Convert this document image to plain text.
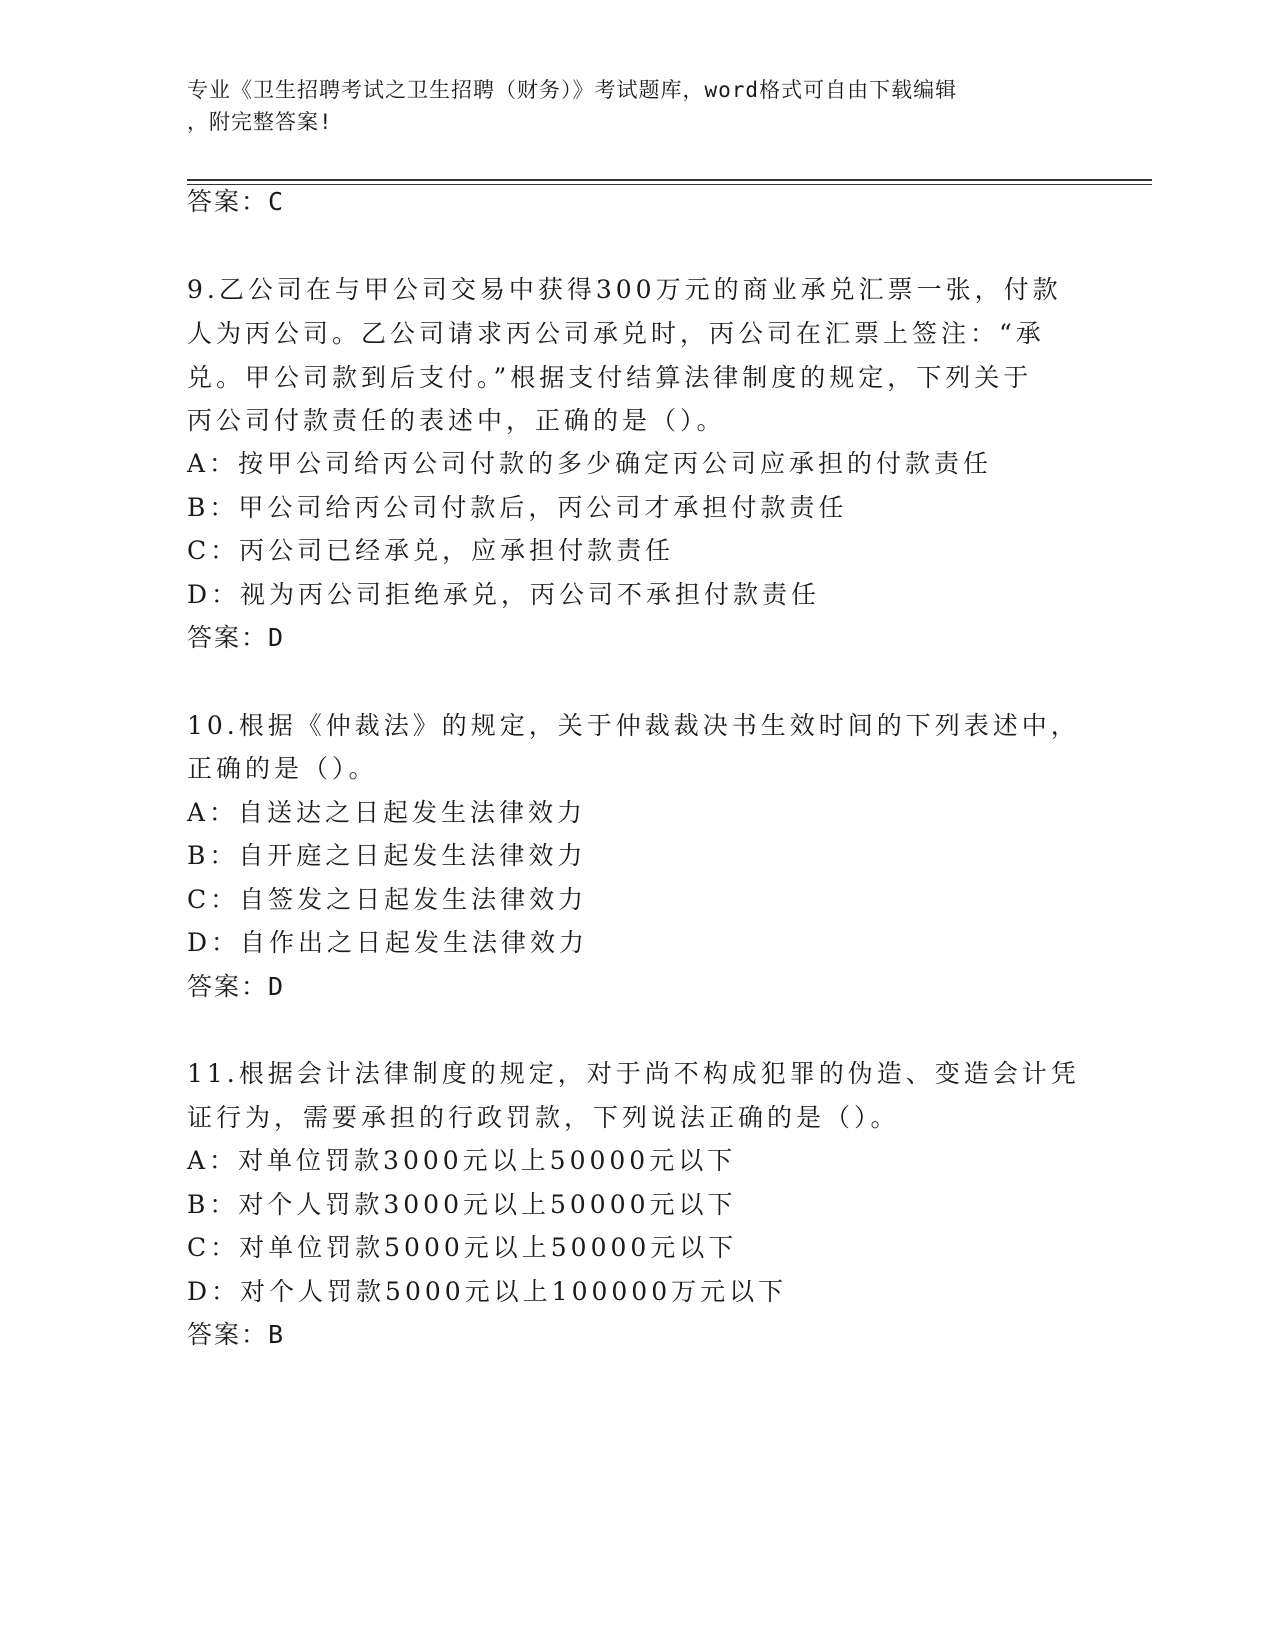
专业《卫生招聘考试之卫生招聘（财务）》考试题库，word格式可自由下载编辑
，附完整答案!
答案：C
9.乙公司在与甲公司交易中获得300万元的商业承兑汇票一张，付款
人为丙公司。乙公司请求丙公司承兑时，丙公司在汇票上签注：“承
兑。甲公司款到后支付。”根据支付结算法律制度的规定，下列关于
丙公司付款责任的表述中，正确的是（）。
A：按甲公司给丙公司付款的多少确定丙公司应承担的付款责任
B：甲公司给丙公司付款后，丙公司才承担付款责任
C：丙公司已经承兑，应承担付款责任
D：视为丙公司拒绝承兑，丙公司不承担付款责任
答案：D
10.根据《仲裁法》的规定，关于仲裁裁决书生效时间的下列表述中，
正确的是（）。
A：自送达之日起发生法律效力
B：自开庭之日起发生法律效力
C：自签发之日起发生法律效力
D：自作出之日起发生法律效力
答案：D
11.根据会计法律制度的规定，对于尚不构成犯罪的伪造、变造会计凭
证行为，需要承担的行政罚款，下列说法正确的是（）。
A：对单位罚款3000元以上50000元以下
B：对个人罚款3000元以上50000元以下
C：对单位罚款5000元以上50000元以下
D：对个人罚款5000元以上100000万元以下
答案：B
